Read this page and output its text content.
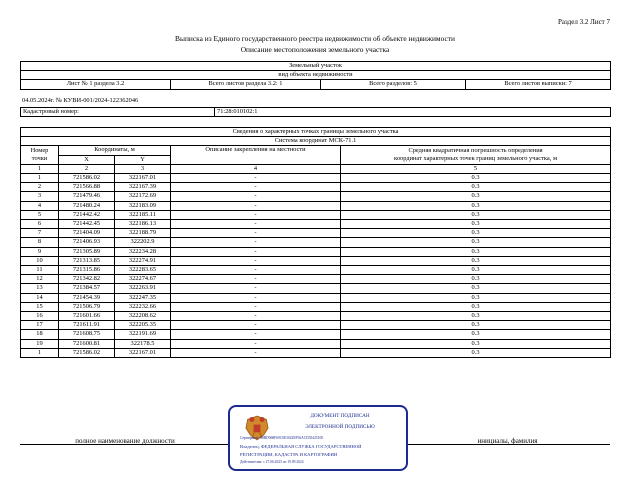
Раздел 3.2 Лист 7
Выписка из Единого государственного реестра недвижимости об объекте недвижимости
Описание местоположения земельного участка
Земельный участок
вид объекта недвижимости
Лист № 1 раздела 3.2	Всего листов раздела 3.2: 1	Всего разделов: 5	Всего листов выписки: 7
04.05.2024г. № КУВИ-001/2024-122362046
Кадастровый номер:	71:28:010102:1
Сведения о характерных точках границы земельного участка				
Система координат МСК-71.1				
Номер	Координаты, м		Описание закрепления на местности	Средняя квадратичная погрешность определения
точки	X	Y		координат характерных точек границ земельного участка, м
1	2	3	4	5
1	721586.02	322167.01	-	0.3
2	721566.88	322167.39	-	0.3
3	721479.46	322172.69	-	0.3
4	721480.24	322183.09	-	0.3
5	721442.42	322185.11	-	0.3
6	721442.45	322186.13	-	0.3
7	721404.09	322188.79	-	0.3
8	721406.93	322202.9	-	0.3
9	721305.89	322234.28	-	0.3
10	721313.85	322274.91	-	0.3
11	721315.86	322283.65	-	0.3
12	721342.82	322274.67	-	0.3
13	721384.57	322263.91	-	0.3
14	721454.39	322247.35	-	0.3
15	721506.79	322232.66	-	0.3
16	721601.66	322208.62	-	0.3
17	721611.91	322205.35	-	0.3
18	721608.75	322191.69	-	0.3
19	721600.81	322178.5	-	0.3
1	721586.02	322167.01	-	0.3
полное наименование должности	инициалы, фамилия
ДОКУМЕНТ ПОДПИСАН
ЭЛЕКТРОННОЙ ПОДПИСЬЮ
Сертификат: 00BD068F69C0E3022EF56ACD35425100
Владелец: ФЕДЕРАЛЬНАЯ СЛУЖБА ГОСУДАРСТВЕННОЙ
РЕГИСТРАЦИИ, КАДАСТРА И КАРТОГРАФИИ
Действителен: с 27.06.2023 по 19.09.2024
